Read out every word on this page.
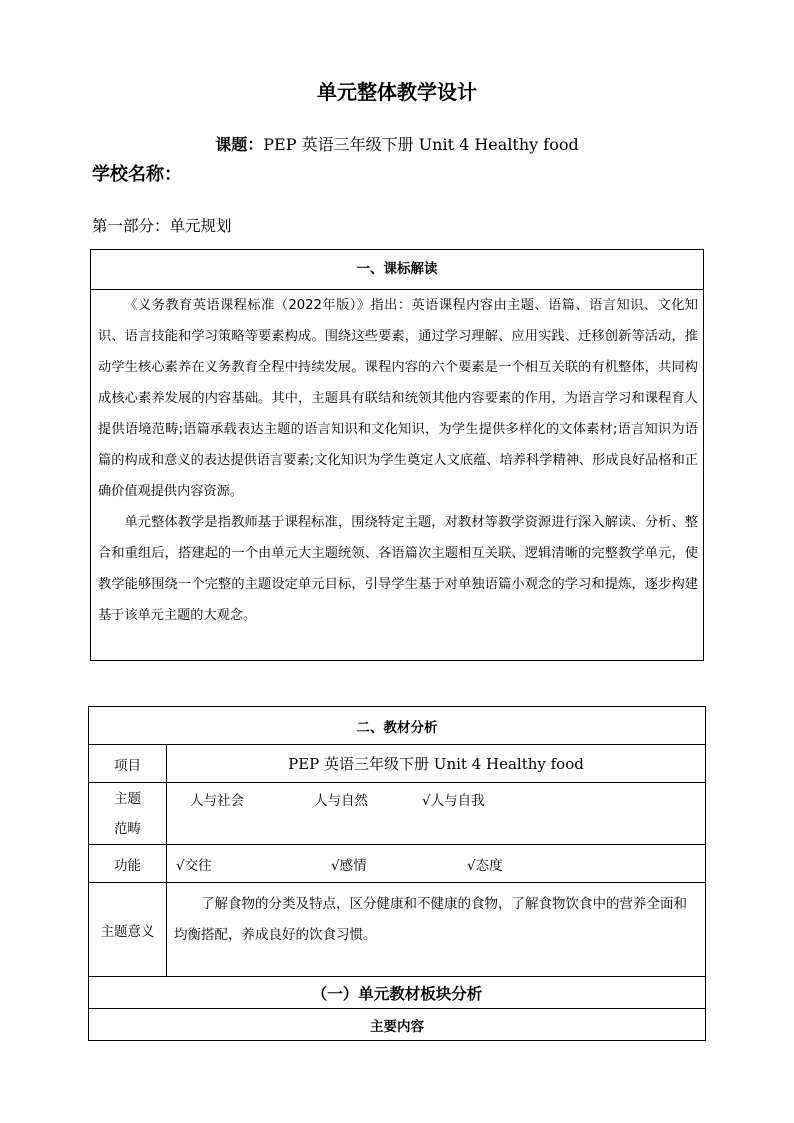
单元整体教学设计
课题：PEP 英语三年级下册 Unit 4 Healthy food
学校名称：
第一部分：单元规划
一、课标解读

《义务教育英语课程标准（2022年版）》指出：英语课程内容由主题、语篇、语言知识、文化知识、语言技能和学习策略等要素构成。围绕这些要素，通过学习理解、应用实践、迁移创新等活动，推动学生核心素养在义务教育全程中持续发展。课程内容的六个要素是一个相互关联的有机整体，共同构成核心素养发展的内容基础。其中，主题具有联结和统领其他内容要素的作用，为语言学习和课程育人提供语境范畴;语篇承载表达主题的语言知识和文化知识，为学生提供多样化的文体素材;语言知识为语篇的构成和意义的表达提供语言要素;文化知识为学生奠定人文底蕴、培养科学精神、形成良好品格和正确价值观提供内容资源。

单元整体教学是指教师基于课程标准，围绕特定主题，对教材等教学资源进行深入解读、分析、整合和重组后，搭建起的一个由单元大主题统领、各语篇次主题相互关联、逻辑清晰的完整教学单元，使教学能够围绕一个完整的主题设定单元目标，引导学生基于对单独语篇小观念的学习和提炼，逐步构建基于该单元主题的大观念。

二、教材分析	
项目	PEP 英语三年级下册 Unit 4 Healthy food

主题范畴	人与社会 人与自然 √人与自我
功能	√交往 √感情 √态度
主题意义	了解食物的分类及特点，区分健康和不健康的食物，了解食物饮食中的营养全面和均衡搭配，养成良好的饮食习惯。
（一）单元教材板块分析	
主要内容	
